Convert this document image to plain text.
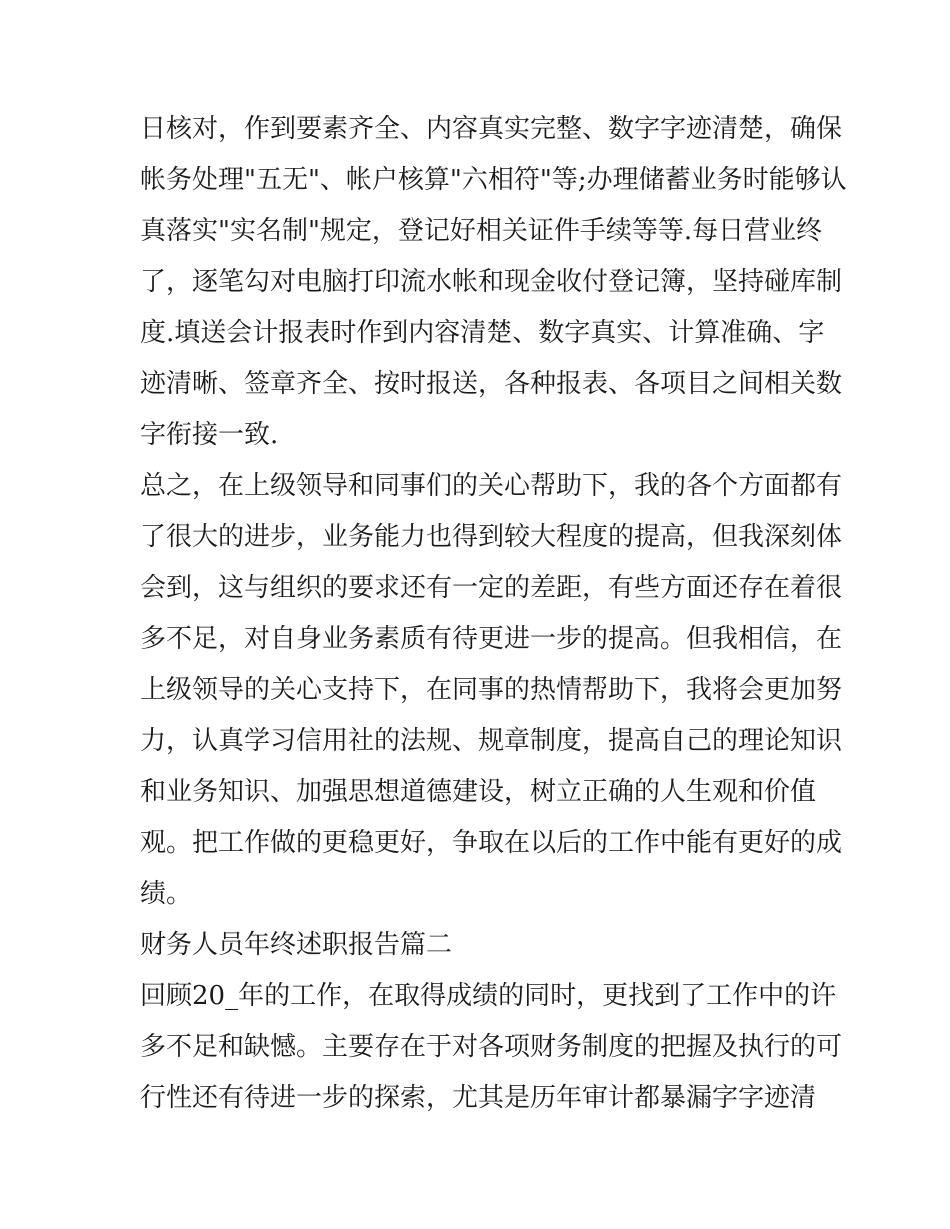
日核对，作到要素齐全、内容真实完整、数字字迹清楚，确保
帐务处理"五无"、帐户核算"六相符"等;办理储蓄业务时能够认
真落实"实名制"规定，登记好相关证件手续等等.每日营业终
了，逐笔勾对电脑打印流水帐和现金收付登记簿，坚持碰库制
度.填送会计报表时作到内容清楚、数字真实、计算准确、字
迹清晰、签章齐全、按时报送，各种报表、各项目之间相关数
字衔接一致.
总之，在上级领导和同事们的关心帮助下，我的各个方面都有
了很大的进步，业务能力也得到较大程度的提高，但我深刻体
会到，这与组织的要求还有一定的差距，有些方面还存在着很
多不足，对自身业务素质有待更进一步的提高。但我相信，在
上级领导的关心支持下，在同事的热情帮助下，我将会更加努
力，认真学习信用社的法规、规章制度，提高自己的理论知识
和业务知识、加强思想道德建设，树立正确的人生观和价值
观。把工作做的更稳更好，争取在以后的工作中能有更好的成
绩。
财务人员年终述职报告篇二
回顾20_年的工作，在取得成绩的同时，更找到了工作中的许
多不足和缺憾。主要存在于对各项财务制度的把握及执行的可
行性还有待进一步的探索，尤其是历年审计都暴漏字字迹清
